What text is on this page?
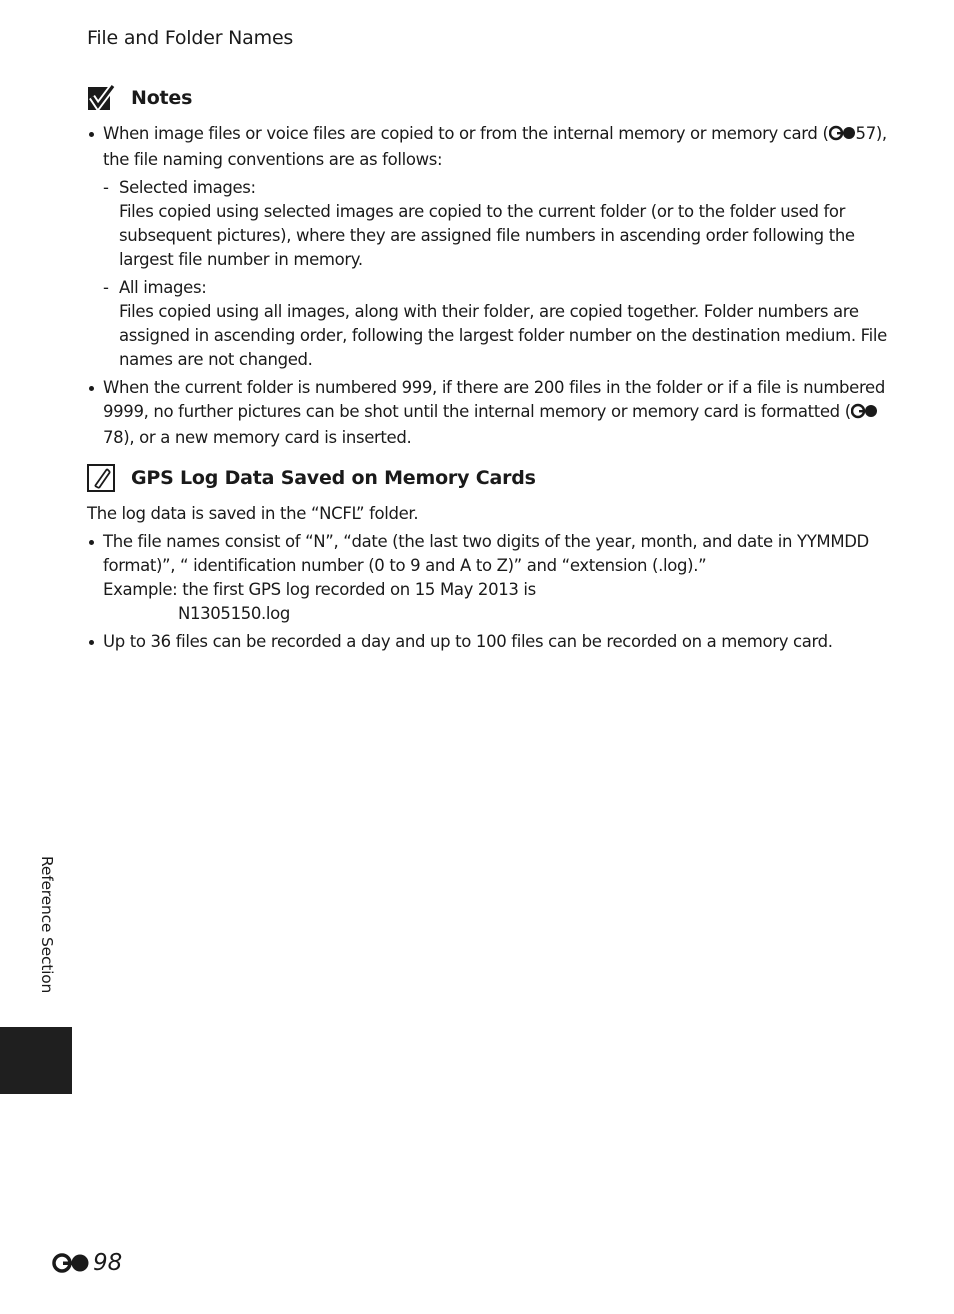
File and Folder Names
Notes
When image files or voice files are copied to or from the internal memory or memory card ( 57), the file naming conventions are as follows:
- Selected images:
Files copied using selected images are copied to the current folder (or to the folder used for subsequent pictures), where they are assigned file numbers in ascending order following the largest file number in memory.
- All images:
Files copied using all images, along with their folder, are copied together. Folder numbers are assigned in ascending order, following the largest folder number on the destination medium. File names are not changed.
When the current folder is numbered 999, if there are 200 files in the folder or if a file is numbered 9999, no further pictures can be shot until the internal memory or memory card is formatted (78), or a new memory card is inserted.
GPS Log Data Saved on Memory Cards
The log data is saved in the “NCFL” folder.
The file names consist of “N”, “date (the last two digits of the year, month, and date in YYMMDD format)”, “ identification number (0 to 9 and A to Z)” and “extension (.log).”
Example: the first GPS log recorded on 15 May 2013 is
N1305150.log
Up to 36 files can be recorded a day and up to 100 files can be recorded on a memory card.
Reference Section
98
